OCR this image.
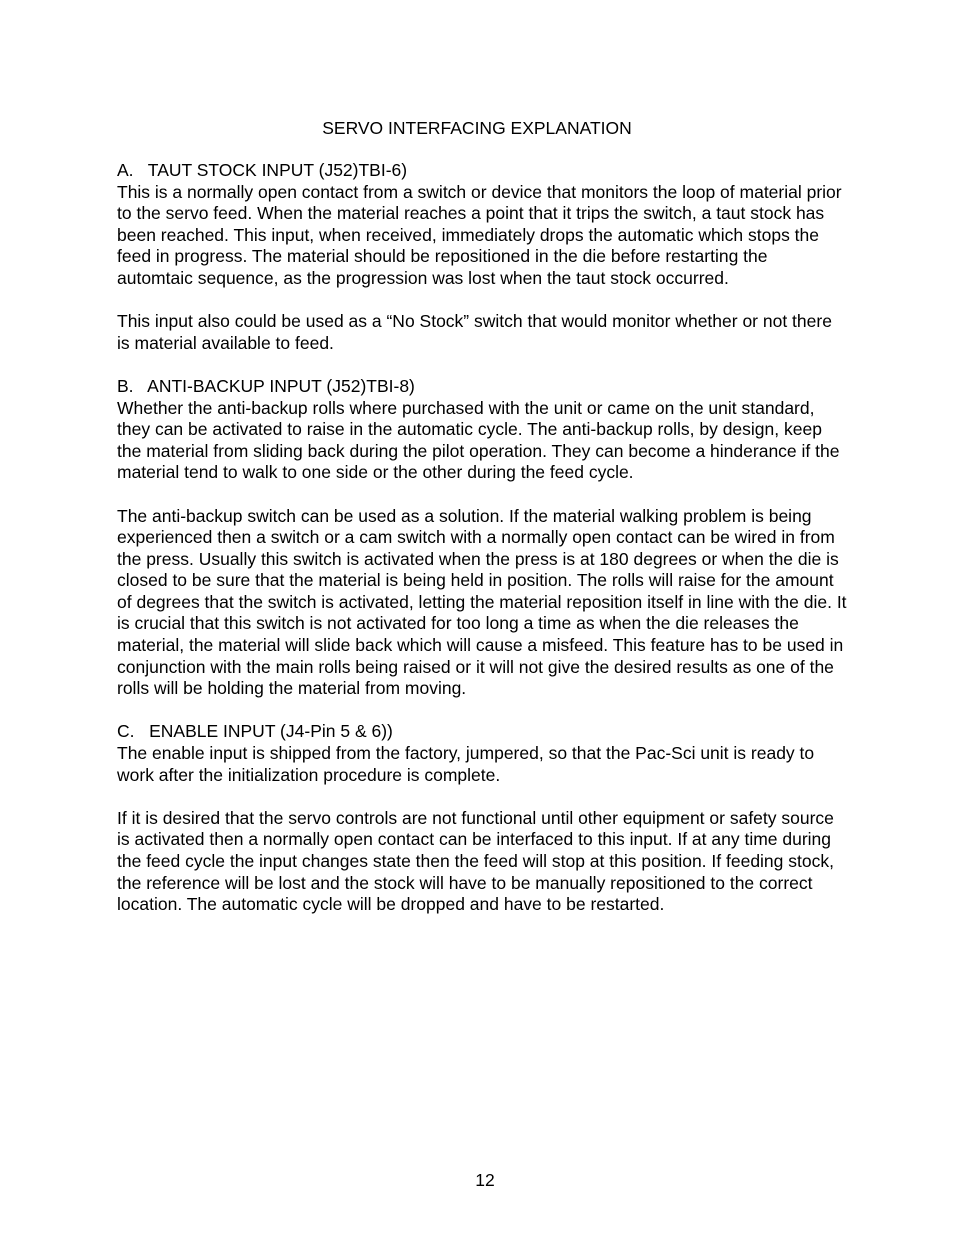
SERVO INTERFACING EXPLANATION

A.   TAUT STOCK INPUT (J52)TBI-6)

This is a normally open contact from a switch or device that monitors the loop of material prior to the servo feed. When the material reaches a point that it trips the switch, a taut stock has been reached. This input, when received, immediately drops the automatic which stops the feed in progress. The material should be repositioned in the die before restarting the automtaic sequence, as the progression was lost when the taut stock occurred.

This input also could be used as a “No Stock” switch that would monitor whether or not there is material available to feed.

B.   ANTI-BACKUP INPUT (J52)TBI-8)

Whether the anti-backup rolls where purchased with the unit or came on the unit standard, they can be activated to raise in the automatic cycle. The anti-backup rolls, by design, keep the material from sliding back during the pilot operation. They can become a hinderance if the material tend to walk to one side or the other during the feed cycle.

The anti-backup switch can be used as a solution. If the material walking problem is being experienced then a switch or a cam switch with a normally open contact can be wired in from the press. Usually this switch is activated when the press is at 180 degrees or when the die is closed to be sure that the material is being held in position. The rolls will raise for the amount of degrees that the switch is activated, letting the material reposition itself in line with the die. It is crucial that this switch is not activated for too long a time as when the die releases the material, the material will slide back which will cause a misfeed. This feature has to be used in conjunction with the main rolls being raised or it will not give the desired results as one of the rolls will be holding the material from moving.

C.   ENABLE INPUT (J4-Pin 5 & 6))

The enable input is shipped from the factory, jumpered, so that the Pac-Sci unit is ready to work after the initialization procedure is complete.

If it is desired that the servo controls are not functional until other equipment or safety source is activated then a normally open contact can be interfaced to this input. If at any time during the feed cycle the input changes state then the feed will stop at this position. If feeding stock, the reference will be lost and the stock will have to be manually repositioned to the correct location. The automatic cycle will be dropped and have to be restarted.

12
